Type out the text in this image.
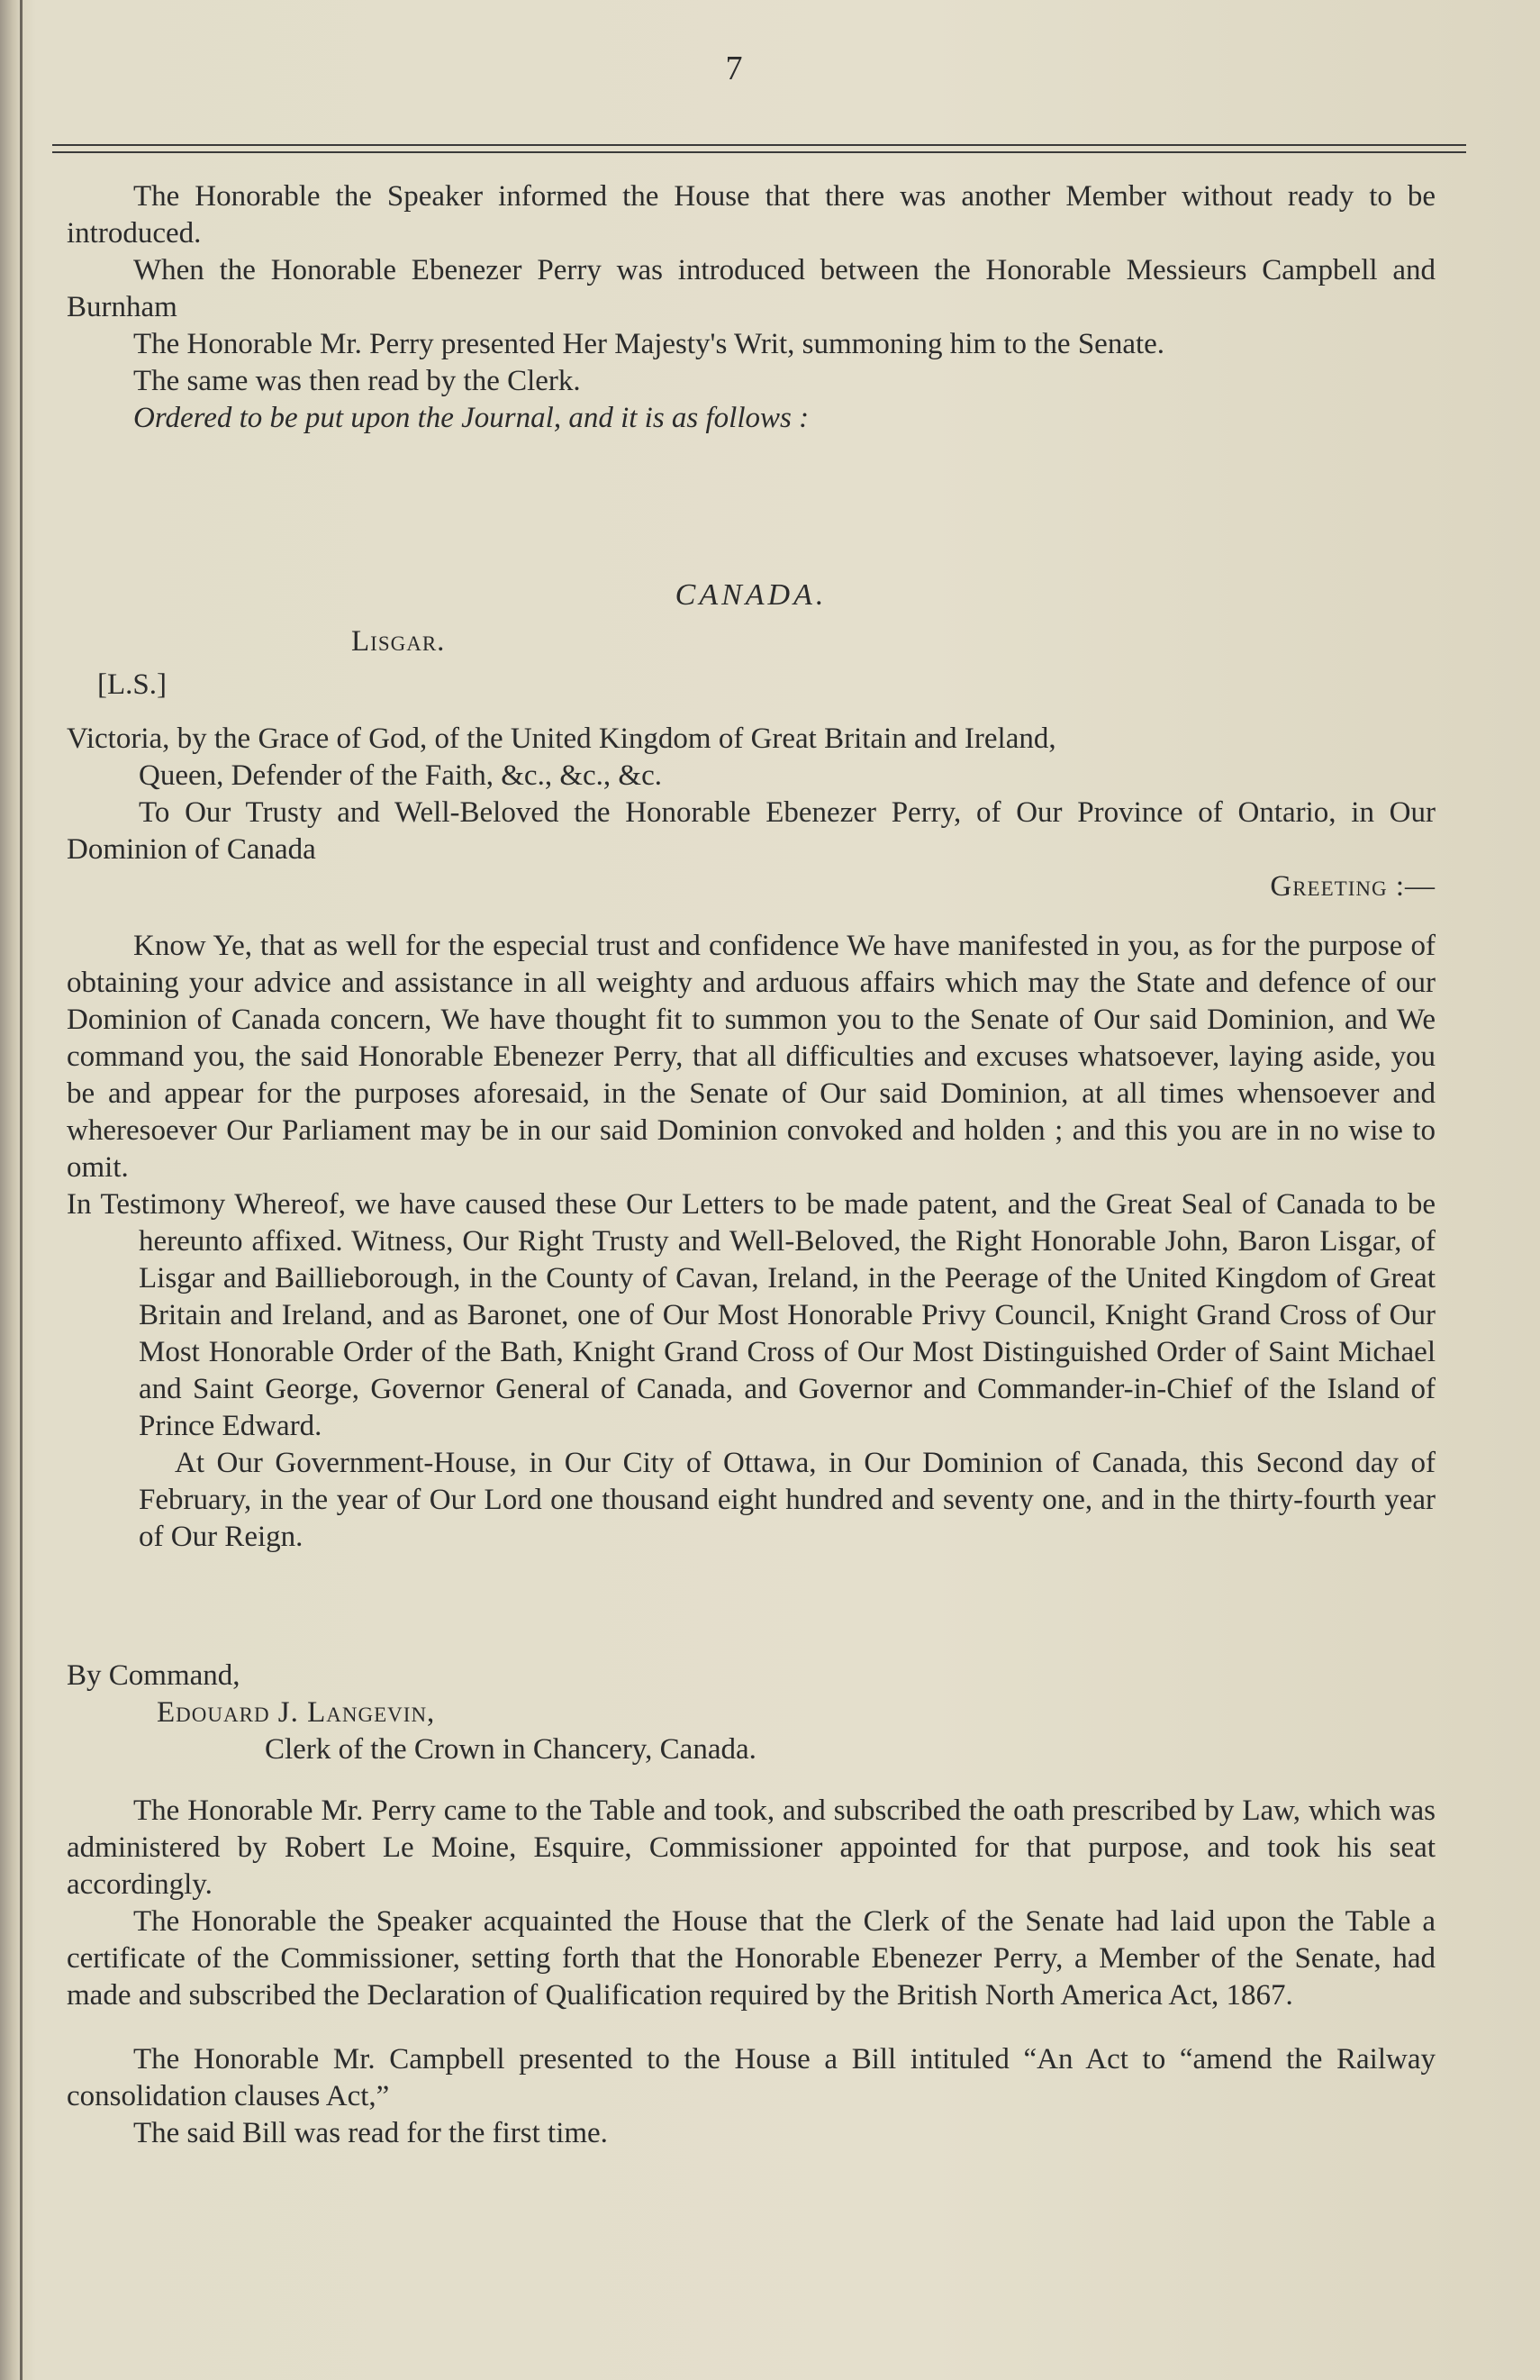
7

The Honorable the Speaker informed the House that there was another Member without ready to be introduced.

When the Honorable Ebenezer Perry was introduced between the Honorable Messieurs Campbell and Burnham

The Honorable Mr. Perry presented Her Majesty's Writ, summoning him to the Senate.

The same was then read by the Clerk.

Ordered to be put upon the Journal, and it is as follows :

CANADA.

Lisgar.

[L.S.]

Victoria, by the Grace of God, of the United Kingdom of Great Britain and Ireland,

Queen, Defender of the Faith, &c., &c., &c.

To Our Trusty and Well-Beloved the Honorable Ebenezer Perry, of Our Province of Ontario, in Our Dominion of Canada

Greeting :—

Know Ye, that as well for the especial trust and confidence We have manifested in you, as for the purpose of obtaining your advice and assistance in all weighty and arduous affairs which may the State and defence of our Dominion of Canada concern, We have thought fit to summon you to the Senate of Our said Dominion, and We command you, the said Honorable Ebenezer Perry, that all difficulties and excuses whatsoever, laying aside, you be and appear for the purposes aforesaid, in the Senate of Our said Dominion, at all times whensoever and wheresoever Our Parliament may be in our said Dominion convoked and holden ; and this you are in no wise to omit.

In Testimony Whereof, we have caused these Our Letters to be made patent, and the Great Seal of Canada to be hereunto affixed. Witness, Our Right Trusty and Well-Beloved, the Right Honorable John, Baron Lisgar, of Lisgar and Baillieborough, in the County of Cavan, Ireland, in the Peerage of the United Kingdom of Great Britain and Ireland, and as Baronet, one of Our Most Honorable Privy Council, Knight Grand Cross of Our Most Honorable Order of the Bath, Knight Grand Cross of Our Most Distinguished Order of Saint Michael and Saint George, Governor General of Canada, and Governor and Commander-in-Chief of the Island of Prince Edward.

At Our Government-House, in Our City of Ottawa, in Our Dominion of Canada, this Second day of February, in the year of Our Lord one thousand eight hundred and seventy one, and in the thirty-fourth year of Our Reign.

By Command,

Edouard J. Langevin,

Clerk of the Crown in Chancery, Canada.

The Honorable Mr. Perry came to the Table and took, and subscribed the oath prescribed by Law, which was administered by Robert Le Moine, Esquire, Commissioner appointed for that purpose, and took his seat accordingly.

The Honorable the Speaker acquainted the House that the Clerk of the Senate had laid upon the Table a certificate of the Commissioner, setting forth that the Honorable Ebenezer Perry, a Member of the Senate, had made and subscribed the Declaration of Qualification required by the British North America Act, 1867.

The Honorable Mr. Campbell presented to the House a Bill intituled “An Act to “amend the Railway consolidation clauses Act,”

The said Bill was read for the first time.
